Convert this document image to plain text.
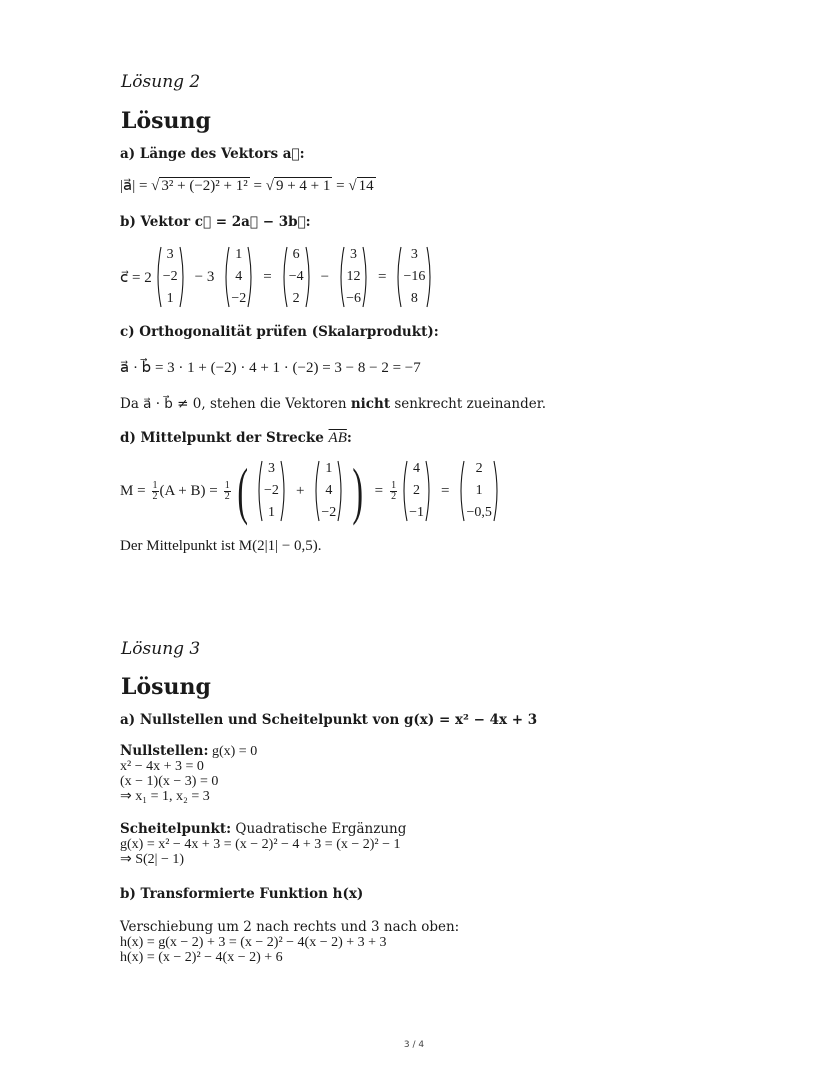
Lösung 2
Lösung
a) Länge des Vektors a⃗:
|a⃗| = √ 3² + (−2)² + 1² = √ 9 + 4 + 1 = √ 14
b) Vektor c⃗ = 2a⃗ − 3b⃗:
c⃗ = 2
3
−2
1
− 3
1
4
−2
=
6
−4
2
−
3
12
−6
=
3
−16
8
c) Orthogonalität prüfen (Skalarprodukt):
a⃗ · b⃗ = 3 · 1 + (−2) · 4 + 1 · (−2) = 3 − 8 − 2 = −7
Da a⃗ · b⃗ ≠ 0, stehen die Vektoren nicht senkrecht zueinander.
d) Mittelpunkt der Strecke $\overline{AB}$:
$M = \frac{1}{2} (A + B) = \frac{1}{2}$ ( 3
−2
1
+
1
4
−2 ) = $\frac{1}{2}$
4
2
−1
=
2
1
−0,5
Der Mittelpunkt ist M(2|1| − 0,5).
Lösung 3
Lösung
a) Nullstellen und Scheitelpunkt von g(x) = x² − 4x + 3
Nullstellen: g(x) = 0
x² − 4x + 3 = 0
(x − 1)(x − 3) = 0
⇒ x₁ = 1, x₂ = 3
Scheitelpunkt: Quadratische Ergänzung
g(x) = x² − 4x + 3 = (x − 2)² − 4 + 3 = (x − 2)² − 1
⇒ S(2| − 1)
b) Transformierte Funktion h(x)
Verschiebung um 2 nach rechts und 3 nach oben:
h(x) = g(x − 2) + 3 = (x − 2)² − 4(x − 2) + 3 + 3
h(x) = (x − 2)² − 4(x − 2) + 6
3 / 4
